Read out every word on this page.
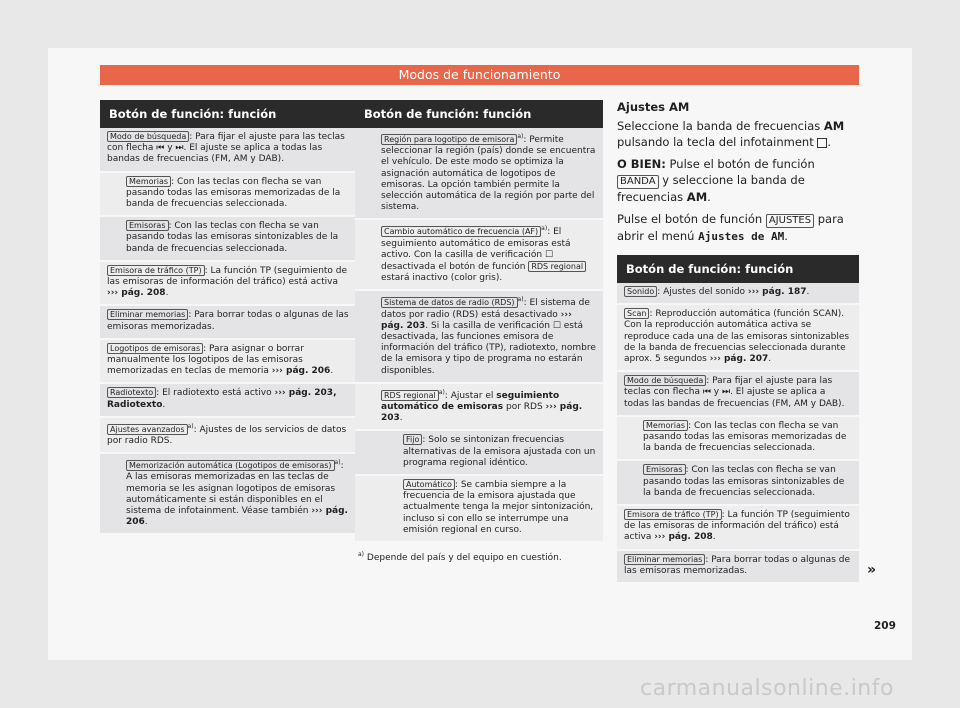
Modos de funcionamiento
Botón de función: función
Modo de búsqueda : Para fijar el ajuste para las teclas con flecha ⏮ y ⏭. El ajuste se aplica a todas las bandas de frecuencias (FM, AM y DAB).
Memorias : Con las teclas con flecha se van pasando todas las emisoras memorizadas de la banda de frecuencias seleccionada.
Emisoras : Con las teclas con flecha se van pasando todas las emisoras sintonizables de la banda de frecuencias seleccionada.
Emisora de tráfico (TP) : La función TP (seguimiento de las emisoras de información del tráfico) está activa ››› pág. 208.
Eliminar memorias : Para borrar todas o algunas de las emisoras memorizadas.
Logotipos de emisoras : Para asignar o borrar manualmente los logotipos de las emisoras memorizadas en teclas de memoria ››› pág. 206.
Radiotexto : El radiotexto está activo ››› pág. 203, Radiotexto.
Ajustes avanzados $^{a)}$: Ajustes de los servicios de datos por radio RDS.
Memorización automática (Logotipos de emisoras) $^{a)}$: A las emisoras memorizadas en las teclas de memoria se les asignan logotipos de emisoras automáticamente si están disponibles en el sistema de infotainment. Véase también ››› pág. 206.
Botón de función: función
Región para logotipo de emisora $^{a)}$: Permite seleccionar la región (país) donde se encuentra el vehículo. De este modo se optimiza la asignación automática de logotipos de emisoras. La opción también permite la selección automática de la región por parte del sistema.
Cambio automático de frecuencia (AF) $^{a)}$: El seguimiento automático de emisoras está activo. Con la casilla de verificación ☐ desactivada el botón de función RDS regional estará inactivo (color gris).
Sistema de datos de radio (RDS) $^{a)}$: El sistema de datos por radio (RDS) está desactivado ››› pág. 203. Si la casilla de verificación ☐ está desactivada, las funciones emisora de información del tráfico (TP), radiotexto, nombre de la emisora y tipo de programa no estarán disponibles.
RDS regional $^{a)}$: Ajustar el seguimiento automático de emisoras por RDS ››› pág. 203.
Fijo : Solo se sintonizan frecuencias alternativas de la emisora ajustada con un programa regional idéntico.
Automático : Se cambia siempre a la frecuencia de la emisora ajustada que actualmente tenga la mejor sintonización, incluso si con ello se interrumpe una emisión regional en curso.
$^{a)}$ Depende del país y del equipo en cuestión.
Ajustes AM

Seleccione la banda de frecuencias AM pulsando la tecla del infotainment .

O BIEN: Pulse el botón de función BANDA y seleccione la banda de frecuencias AM.

Pulse el botón de función AJUSTES para abrir el menú Ajustes de AM.

Botón de función: función
Sonido : Ajustes del sonido ››› pág. 187.
Scan : Reproducción automática (función SCAN). Con la reproducción automática activa se reproduce cada una de las emisoras sintonizables de la banda de frecuencias seleccionada durante aprox. 5 segundos ››› pág. 207.
Modo de búsqueda : Para fijar el ajuste para las teclas con flecha ⏮ y ⏭. El ajuste se aplica a todas las bandas de frecuencias (FM, AM y DAB).
Memorias : Con las teclas con flecha se van pasando todas las emisoras memorizadas de la banda de frecuencias seleccionada.
Emisoras : Con las teclas con flecha se van pasando todas las emisoras sintonizables de la banda de frecuencias seleccionada.
Emisora de tráfico (TP) : La función TP (seguimiento de las emisoras de información del tráfico) está activa ››› pág. 208.
Eliminar memorias : Para borrar todas o algunas de las emisoras memorizadas.	»
209
carmanualsonline.info
